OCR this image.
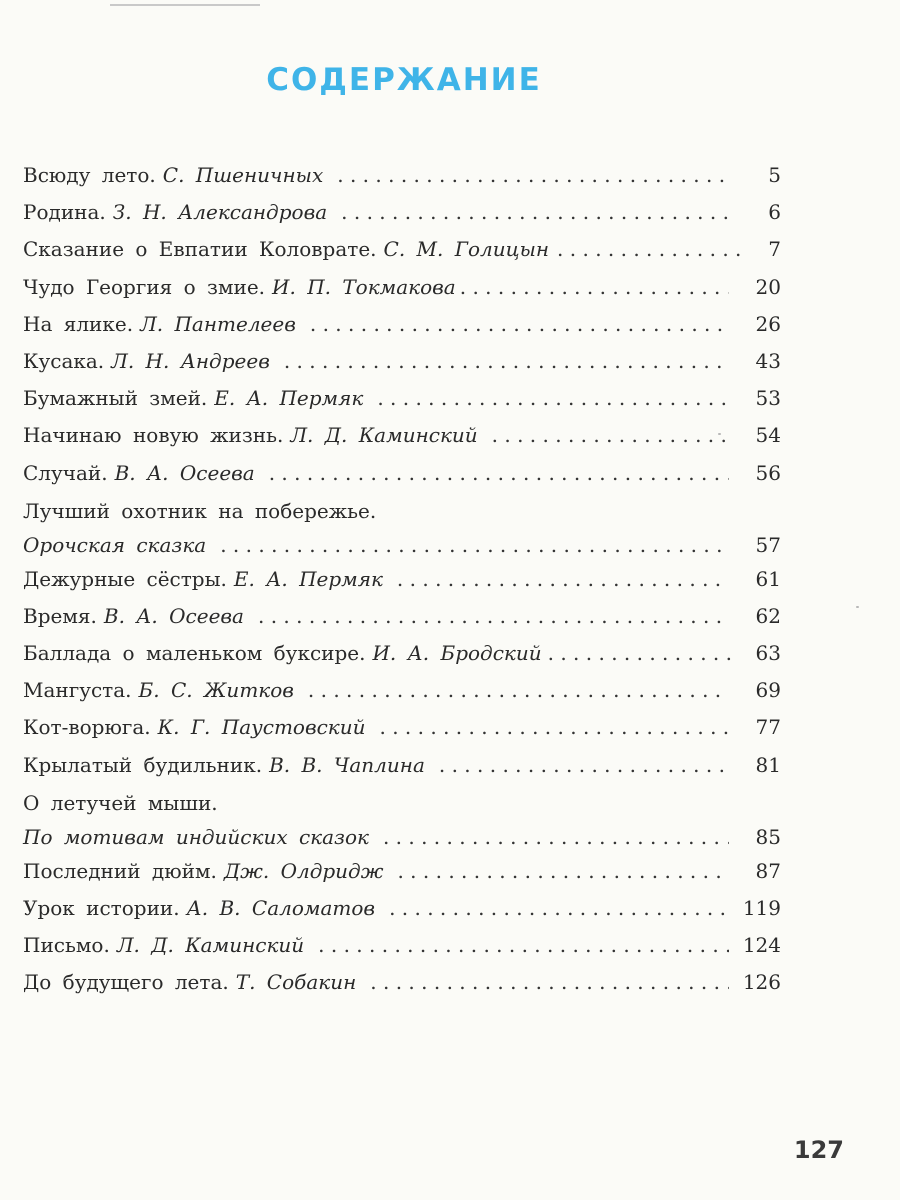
СОДЕРЖАНИЕ
Всюду лето. С. Пшеничных . . .	5
Родина. З. Н. Александрова . . .	6
Сказание о Евпатии Коловрате. С. М. Голицын . . .	7
Чудо Георгия о змие. И. П. Токмакова . . .	20
На ялике. Л. Пантелеев . . .	26
Кусака. Л. Н. Андреев . . .	43
Бумажный змей. Е. А. Пермяк . . .	53
Начинаю новую жизнь. Л. Д. Каминский . . .	54
Случай. В. А. Осеева . . .	56
Лучший охотник на побережье.
Орочская сказка . . .	57
Дежурные сёстры. Е. А. Пермяк . . .	61
Время. В. А. Осеева . . .	62
Баллада о маленьком буксире. И. А. Бродский . . .	63
Мангуста. Б. С. Житков . . .	69
Кот-ворюга. К. Г. Паустовский . . .	77
Крылатый будильник. В. В. Чаплина . . .	81
О летучей мыши.
По мотивам индийских сказок . . .	85
Последний дюйм. Дж. Олдридж . . .	87
Урок истории. А. В. Саломатов . . .	119
Письмо. Л. Д. Каминский . . .	124
До будущего лета. Т. Собакин . . .	126
127
